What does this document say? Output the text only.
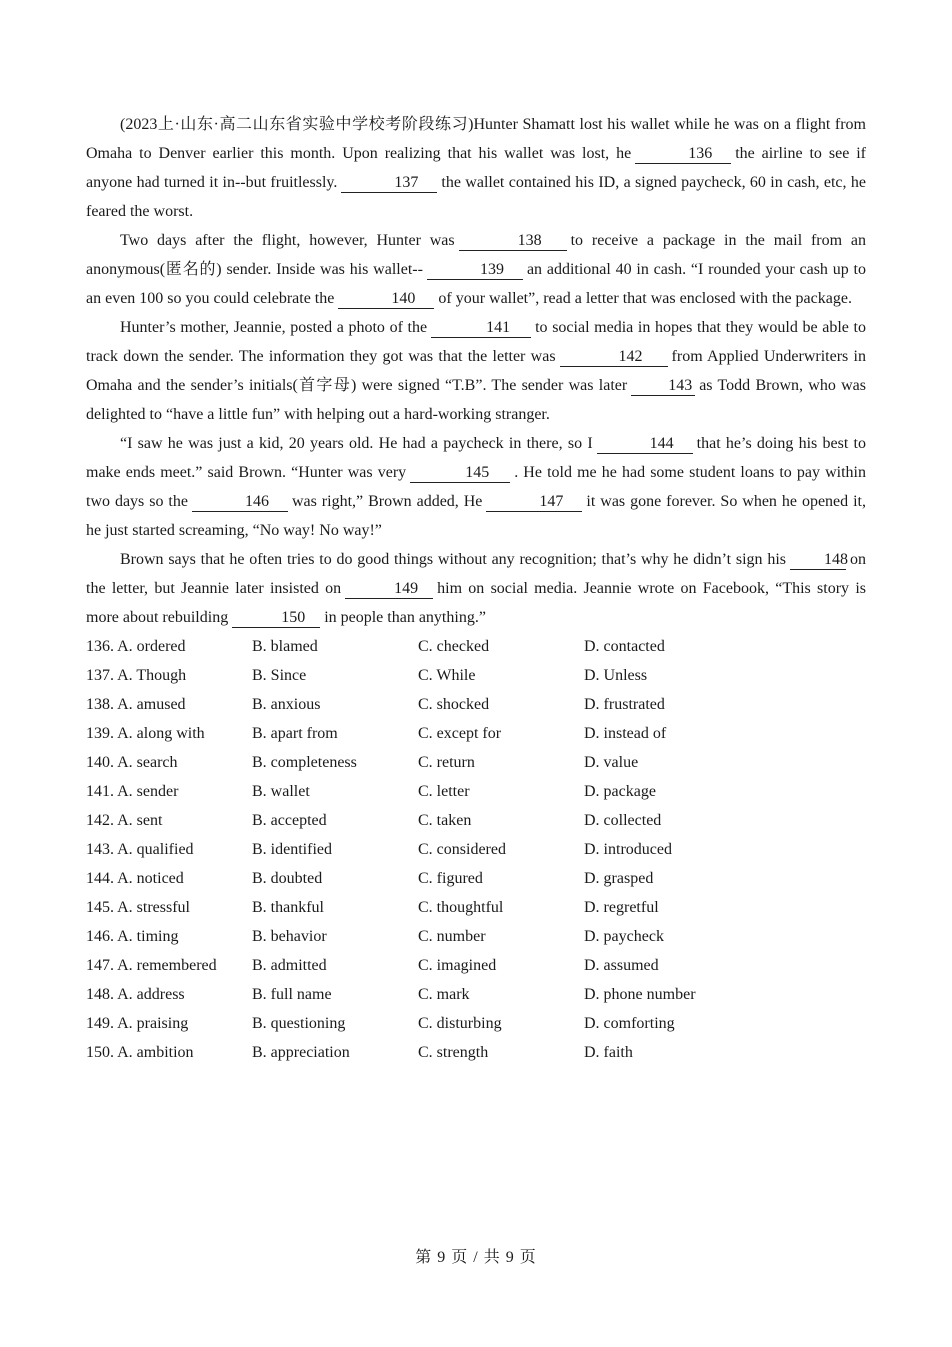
(2023上·山东·高二山东省实验中学校考阶段练习)Hunter Shamatt lost his wallet while he was on a flight from Omaha to Denver earlier this month. Upon realizing that his wallet was lost, he	136 the airline to see if anyone had turned it in--but fruitlessly.	137 the wallet contained his ID, a signed paycheck, 60 in cash, etc, he feared the worst.

Two days after the flight, however, Hunter was	138 to receive a package in the mail from an anonymous(匿名的) sender. Inside was his wallet--	139 an additional 40 in cash. “I rounded your cash up to an even 100 so you could celebrate the	140 of your wallet”, read a letter that was enclosed with the package.

Hunter’s mother, Jeannie, posted a photo of the	141 to social media in hopes that they would be able to track down the sender. The information they got was that the letter was	142 from Applied Underwriters in Omaha and the sender’s initials(首字母) were signed “T.B”. The sender was later	143 as Todd Brown, who was delighted to “have a little fun” with helping out a hard-working stranger.

“I saw he was just a kid, 20 years old. He had a paycheck in there, so I	144 that he’s doing his best to make ends meet.” said Brown. “Hunter was very	145 . He told me he had some student loans to pay within two days so the	146 was right,” Brown added, He	147 it was gone forever. So when he opened it, he just started screaming, “No way! No way!”

Brown says that he often tries to do good things without any recognition; that’s why he didn’t sign his 148 on the letter, but Jeannie later insisted on	149 him on social media. Jeannie wrote on Facebook, “This story is more about rebuilding	150 in people than anything.”

136. A. ordered	B. blamed	C. checked	D. contacted
137. A. Though	B. Since	C. While	D. Unless
138. A. amused	B. anxious	C. shocked	D. frustrated
139. A. along with	B. apart from	C. except for	D. instead of
140. A. search	B. completeness	C. return	D. value
141. A. sender	B. wallet	C. letter	D. package
142. A. sent	B. accepted	C. taken	D. collected
143. A. qualified	B. identified	C. considered	D. introduced
144. A. noticed	B. doubted	C. figured	D. grasped
145. A. stressful	B. thankful	C. thoughtful	D. regretful
146. A. timing	B. behavior	C. number	D. paycheck
147. A. remembered	B. admitted	C. imagined	D. assumed
148. A. address	B. full name	C. mark	D. phone number
149. A. praising	B. questioning	C. disturbing	D. comforting
150. A. ambition	B. appreciation	C. strength	D. faith
第 9 页 / 共 9 页
